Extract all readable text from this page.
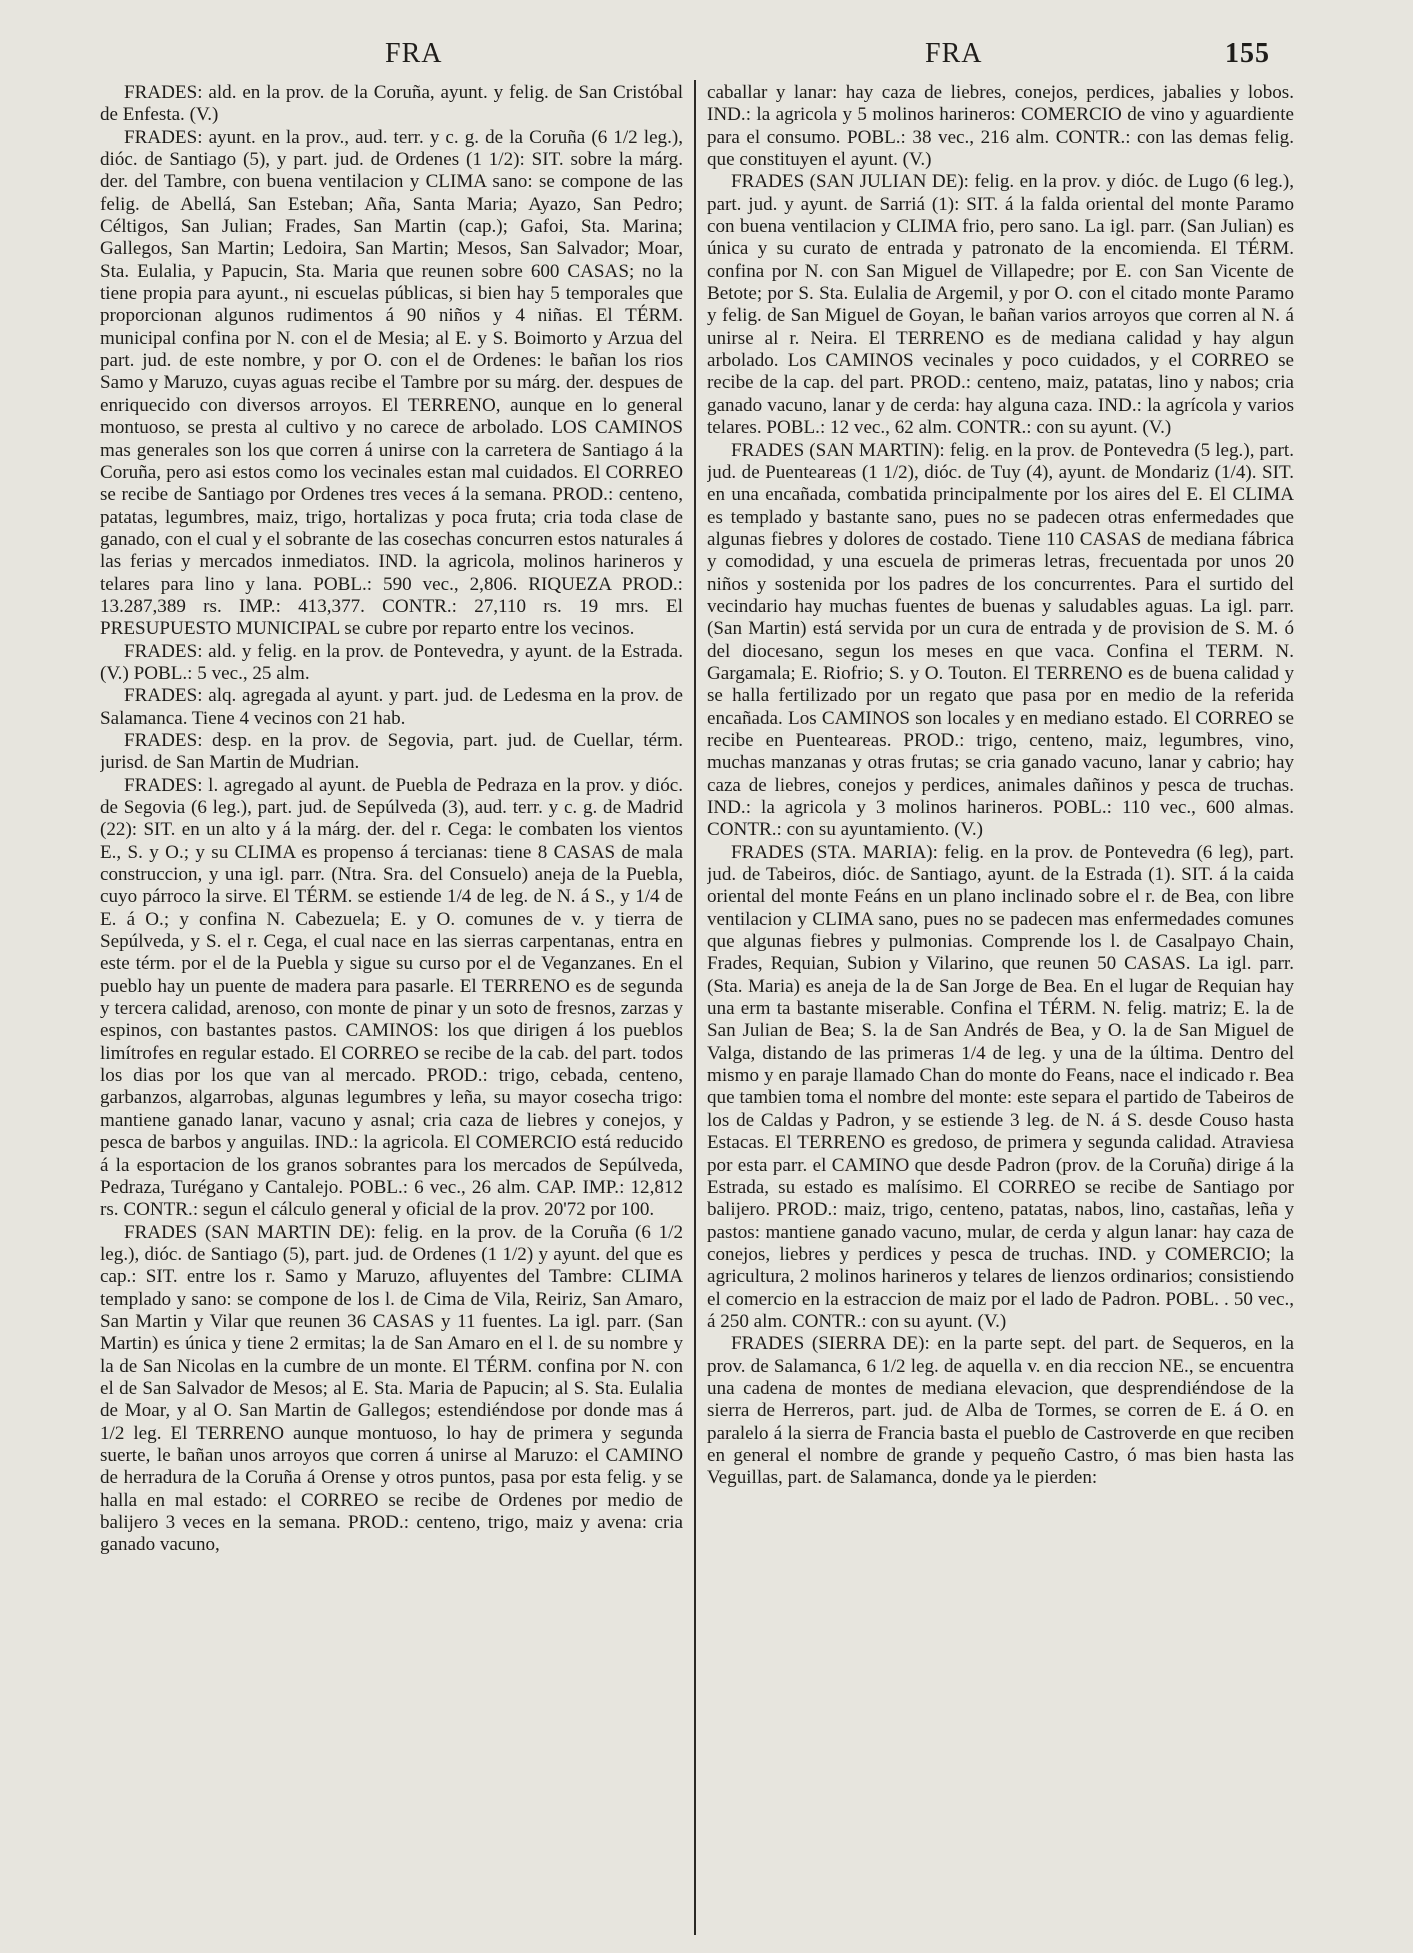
FRA	FRA	155

FRADES: ald. en la prov. de la Coruña, ayunt. y felig. de San Cristóbal de Enfesta. (V.)

FRADES: ayunt. en la prov., aud. terr. y c. g. de la Coruña (6 1/2 leg.), dióc. de Santiago (5), y part. jud. de Ordenes (1 1/2): SIT. sobre la márg. der. del Tambre, con buena ventilacion y CLIMA sano: se compone de las felig. de Abellá, San Esteban; Aña, Santa Maria; Ayazo, San Pedro; Céltigos, San Julian; Frades, San Martin (cap.); Gafoi, Sta. Marina; Gallegos, San Martin; Ledoira, San Martin; Mesos, San Salvador; Moar, Sta. Eulalia, y Papucin, Sta. Maria que reunen sobre 600 CASAS; no la tiene propia para ayunt., ni escuelas públicas, si bien hay 5 temporales que proporcionan algunos rudimentos á 90 niños y 4 niñas. El TÉRM. municipal confina por N. con el de Mesia; al E. y S. Boimorto y Arzua del part. jud. de este nombre, y por O. con el de Ordenes: le bañan los rios Samo y Maruzo, cuyas aguas recibe el Tambre por su márg. der. despues de enriquecido con diversos arroyos. El TERRENO, aunque en lo general montuoso, se presta al cultivo y no carece de arbolado. LOS CAMINOS mas generales son los que corren á unirse con la carretera de Santiago á la Coruña, pero asi estos como los vecinales estan mal cuidados. El CORREO se recibe de Santiago por Ordenes tres veces á la semana. PROD.: centeno, patatas, legumbres, maiz, trigo, hortalizas y poca fruta; cria toda clase de ganado, con el cual y el sobrante de las cosechas concurren estos naturales á las ferias y mercados inmediatos. IND. la agricola, molinos harineros y telares para lino y lana. POBL.: 590 vec., 2,806. RIQUEZA PROD.: 13.287,389 rs. IMP.: 413,377. CONTR.: 27,110 rs. 19 mrs. El PRESUPUESTO MUNICIPAL se cubre por reparto entre los vecinos.

FRADES: ald. y felig. en la prov. de Pontevedra, y ayunt. de la Estrada. (V.) POBL.: 5 vec., 25 alm.

FRADES: alq. agregada al ayunt. y part. jud. de Ledesma en la prov. de Salamanca. Tiene 4 vecinos con 21 hab.

FRADES: desp. en la prov. de Segovia, part. jud. de Cuellar, térm. jurisd. de San Martin de Mudrian.

FRADES: l. agregado al ayunt. de Puebla de Pedraza en la prov. y dióc. de Segovia (6 leg.), part. jud. de Sepúlveda (3), aud. terr. y c. g. de Madrid (22): SIT. en un alto y á la márg. der. del r. Cega: le combaten los vientos E., S. y O.; y su CLIMA es propenso á tercianas: tiene 8 CASAS de mala construccion, y una igl. parr. (Ntra. Sra. del Consuelo) aneja de la Puebla, cuyo párroco la sirve. El TÉRM. se estiende 1/4 de leg. de N. á S., y 1/4 de E. á O.; y confina N. Cabezuela; E. y O. comunes de v. y tierra de Sepúlveda, y S. el r. Cega, el cual nace en las sierras carpentanas, entra en este térm. por el de la Puebla y sigue su curso por el de Veganzanes. En el pueblo hay un puente de madera para pasarle. El TERRENO es de segunda y tercera calidad, arenoso, con monte de pinar y un soto de fresnos, zarzas y espinos, con bastantes pastos. CAMINOS: los que dirigen á los pueblos limítrofes en regular estado. El CORREO se recibe de la cab. del part. todos los dias por los que van al mercado. PROD.: trigo, cebada, centeno, garbanzos, algarrobas, algunas legumbres y leña, su mayor cosecha trigo: mantiene ganado lanar, vacuno y asnal; cria caza de liebres y conejos, y pesca de barbos y anguilas. IND.: la agricola. El COMERCIO está reducido á la esportacion de los granos sobrantes para los mercados de Sepúlveda, Pedraza, Turégano y Cantalejo. POBL.: 6 vec., 26 alm. CAP. IMP.: 12,812 rs. CONTR.: segun el cálculo general y oficial de la prov. 20'72 por 100.

FRADES (SAN MARTIN DE): felig. en la prov. de la Coruña (6 1/2 leg.), dióc. de Santiago (5), part. jud. de Ordenes (1 1/2) y ayunt. del que es cap.: SIT. entre los r. Samo y Maruzo, afluyentes del Tambre: CLIMA templado y sano: se compone de los l. de Cima de Vila, Reiriz, San Amaro, San Martin y Vilar que reunen 36 CASAS y 11 fuentes. La igl. parr. (San Martin) es única y tiene 2 ermitas; la de San Amaro en el l. de su nombre y la de San Nicolas en la cumbre de un monte. El TÉRM. confina por N. con el de San Salvador de Mesos; al E. Sta. Maria de Papucin; al S. Sta. Eulalia de Moar, y al O. San Martin de Gallegos; estendiéndose por donde mas á 1/2 leg. El TERRENO aunque montuoso, lo hay de primera y segunda suerte, le bañan unos arroyos que corren á unirse al Maruzo: el CAMINO de herradura de la Coruña á Orense y otros puntos, pasa por esta felig. y se halla en mal estado: el CORREO se recibe de Ordenes por medio de balijero 3 veces en la semana. PROD.: centeno, trigo, maiz y avena: cria ganado vacuno,

caballar y lanar: hay caza de liebres, conejos, perdices, jabalies y lobos. IND.: la agricola y 5 molinos harineros: COMERCIO de vino y aguardiente para el consumo. POBL.: 38 vec., 216 alm. CONTR.: con las demas felig. que constituyen el ayunt. (V.)

FRADES (SAN JULIAN DE): felig. en la prov. y dióc. de Lugo (6 leg.), part. jud. y ayunt. de Sarriá (1): SIT. á la falda oriental del monte Paramo con buena ventilacion y CLIMA frio, pero sano. La igl. parr. (San Julian) es única y su curato de entrada y patronato de la encomienda. El TÉRM. confina por N. con San Miguel de Villapedre; por E. con San Vicente de Betote; por S. Sta. Eulalia de Argemil, y por O. con el citado monte Paramo y felig. de San Miguel de Goyan, le bañan varios arroyos que corren al N. á unirse al r. Neira. El TERRENO es de mediana calidad y hay algun arbolado. Los CAMINOS vecinales y poco cuidados, y el CORREO se recibe de la cap. del part. PROD.: centeno, maiz, patatas, lino y nabos; cria ganado vacuno, lanar y de cerda: hay alguna caza. IND.: la agrícola y varios telares. POBL.: 12 vec., 62 alm. CONTR.: con su ayunt. (V.)

FRADES (SAN MARTIN): felig. en la prov. de Pontevedra (5 leg.), part. jud. de Puenteareas (1 1/2), dióc. de Tuy (4), ayunt. de Mondariz (1/4). SIT. en una encañada, combatida principalmente por los aires del E. El CLIMA es templado y bastante sano, pues no se padecen otras enfermedades que algunas fiebres y dolores de costado. Tiene 110 CASAS de mediana fábrica y comodidad, y una escuela de primeras letras, frecuentada por unos 20 niños y sostenida por los padres de los concurrentes. Para el surtido del vecindario hay muchas fuentes de buenas y saludables aguas. La igl. parr. (San Martin) está servida por un cura de entrada y de provision de S. M. ó del diocesano, segun los meses en que vaca. Confina el TERM. N. Gargamala; E. Riofrio; S. y O. Touton. El TERRENO es de buena calidad y se halla fertilizado por un regato que pasa por en medio de la referida encañada. Los CAMINOS son locales y en mediano estado. El CORREO se recibe en Puenteareas. PROD.: trigo, centeno, maiz, legumbres, vino, muchas manzanas y otras frutas; se cria ganado vacuno, lanar y cabrio; hay caza de liebres, conejos y perdices, animales dañinos y pesca de truchas. IND.: la agricola y 3 molinos harineros. POBL.: 110 vec., 600 almas. CONTR.: con su ayuntamiento. (V.)

FRADES (STA. MARIA): felig. en la prov. de Pontevedra (6 leg), part. jud. de Tabeiros, dióc. de Santiago, ayunt. de la Estrada (1). SIT. á la caida oriental del monte Feáns en un plano inclinado sobre el r. de Bea, con libre ventilacion y CLIMA sano, pues no se padecen mas enfermedades comunes que algunas fiebres y pulmonias. Comprende los l. de Casalpayo Chain, Frades, Requian, Subion y Vilarino, que reunen 50 CASAS. La igl. parr. (Sta. Maria) es aneja de la de San Jorge de Bea. En el lugar de Requian hay una erm ta bastante miserable. Confina el TÉRM. N. felig. matriz; E. la de San Julian de Bea; S. la de San Andrés de Bea, y O. la de San Miguel de Valga, distando de las primeras 1/4 de leg. y una de la última. Dentro del mismo y en paraje llamado Chan do monte do Feans, nace el indicado r. Bea que tambien toma el nombre del monte: este separa el partido de Tabeiros de los de Caldas y Padron, y se estiende 3 leg. de N. á S. desde Couso hasta Estacas. El TERRENO es gredoso, de primera y segunda calidad. Atraviesa por esta parr. el CAMINO que desde Padron (prov. de la Coruña) dirige á la Estrada, su estado es malísimo. El CORREO se recibe de Santiago por balijero. PROD.: maiz, trigo, centeno, patatas, nabos, lino, castañas, leña y pastos: mantiene ganado vacuno, mular, de cerda y algun lanar: hay caza de conejos, liebres y perdices y pesca de truchas. IND. y COMERCIO; la agricultura, 2 molinos harineros y telares de lienzos ordinarios; consistiendo el comercio en la estraccion de maiz por el lado de Padron. POBL. . 50 vec., á 250 alm. CONTR.: con su ayunt. (V.)

FRADES (SIERRA DE): en la parte sept. del part. de Sequeros, en la prov. de Salamanca, 6 1/2 leg. de aquella v. en dia reccion NE., se encuentra una cadena de montes de mediana elevacion, que desprendiéndose de la sierra de Herreros, part. jud. de Alba de Tormes, se corren de E. á O. en paralelo á la sierra de Francia basta el pueblo de Castroverde en que reciben en general el nombre de grande y pequeño Castro, ó mas bien hasta las Veguillas, part. de Salamanca, donde ya le pierden:
